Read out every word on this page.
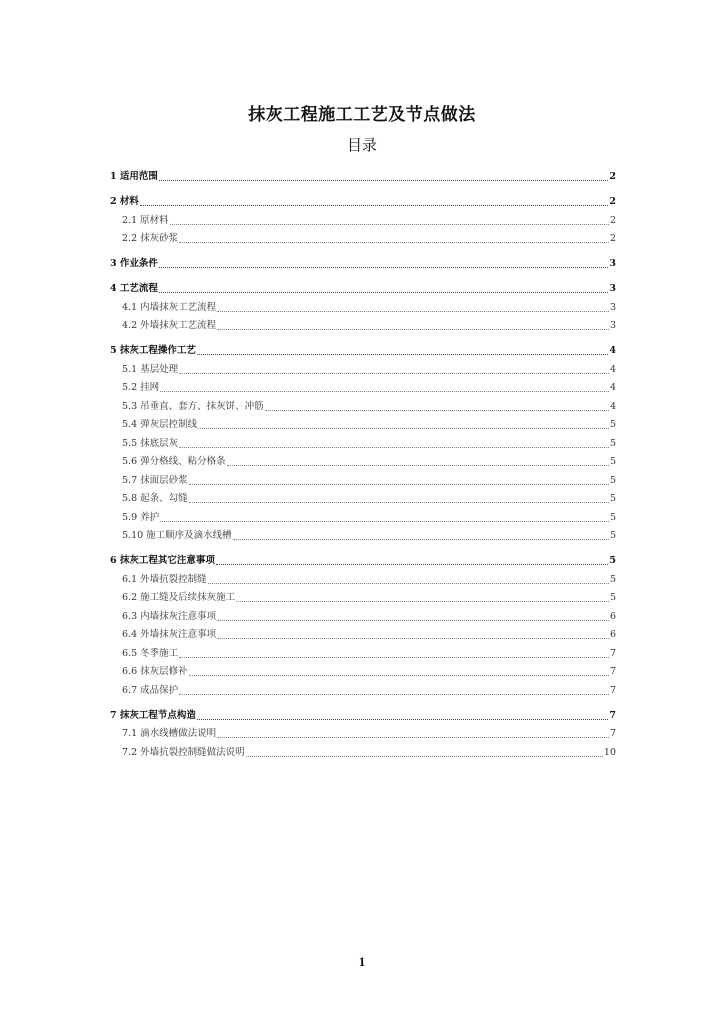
抹灰工程施工工艺及节点做法
目录
1 适用范围	2
2 材料	2
2.1 原材料	2
2.2 抹灰砂浆	2
3 作业条件	3
4 工艺流程	3
4.1 内墙抹灰工艺流程	3
4.2 外墙抹灰工艺流程	3
5 抹灰工程操作工艺	4
5.1 基层处理	4
5.2 挂网	4
5.3 吊垂直、套方、抹灰饼、冲筋	4
5.4 弹灰层控制线	5
5.5 抹底层灰	5
5.6 弹分格线、粘分格条	5
5.7 抹面层砂浆	5
5.8 起条、勾缝	5
5.9 养护	5
5.10 施工顺序及滴水线槽	5
6 抹灰工程其它注意事项	5
6.1 外墙抗裂控制缝	5
6.2 施工缝及后续抹灰施工	5
6.3 内墙抹灰注意事项	6
6.4 外墙抹灰注意事项	6
6.5 冬季施工	7
6.6 抹灰层修补	7
6.7 成品保护	7
7 抹灰工程节点构造	7
7.1 滴水线槽做法说明	7
7.2 外墙抗裂控制缝做法说明	10
1
